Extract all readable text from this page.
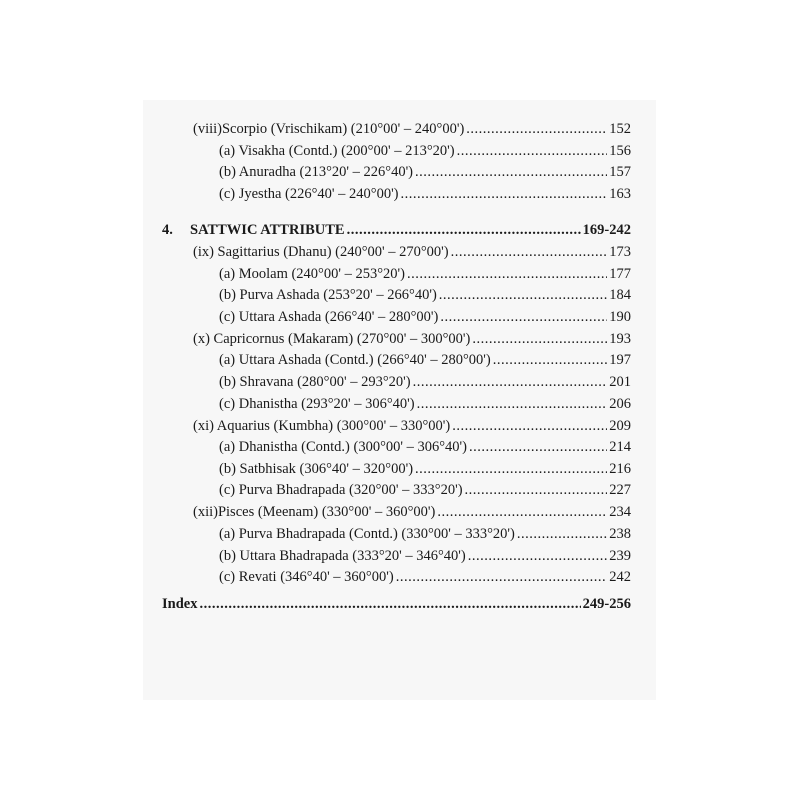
(viii)Scorpio (Vrischikam) (210°00' – 240°00') .....	152
(a) Visakha (Contd.) (200°00' – 213°20') .....	156
(b) Anuradha (213°20' – 226°40') .....	157
(c) Jyestha (226°40' – 240°00') .....	163
4. SATTWIC ATTRIBUTE .....	169-242
(ix) Sagittarius (Dhanu) (240°00' – 270°00') .....	173
(a) Moolam (240°00' – 253°20') .....	177
(b) Purva Ashada (253°20' – 266°40') .....	184
(c) Uttara Ashada (266°40' – 280°00') .....	190
(x) Capricornus (Makaram) (270°00' – 300°00') .....	193
(a) Uttara Ashada (Contd.) (266°40' – 280°00') .....	197
(b) Shravana (280°00' – 293°20') .....	201
(c) Dhanistha (293°20' – 306°40') .....	206
(xi) Aquarius (Kumbha) (300°00' – 330°00') .....	209
(a) Dhanistha (Contd.) (300°00' – 306°40') .....	214
(b) Satbhisak (306°40' – 320°00') .....	216
(c) Purva Bhadrapada (320°00' – 333°20') .....	227
(xii)Pisces (Meenam) (330°00' – 360°00') .....	234
(a) Purva Bhadrapada (Contd.) (330°00' – 333°20') .....	238
(b) Uttara Bhadrapada (333°20' – 346°40') .....	239
(c) Revati (346°40' – 360°00') .....	242
Index .....	249-256
